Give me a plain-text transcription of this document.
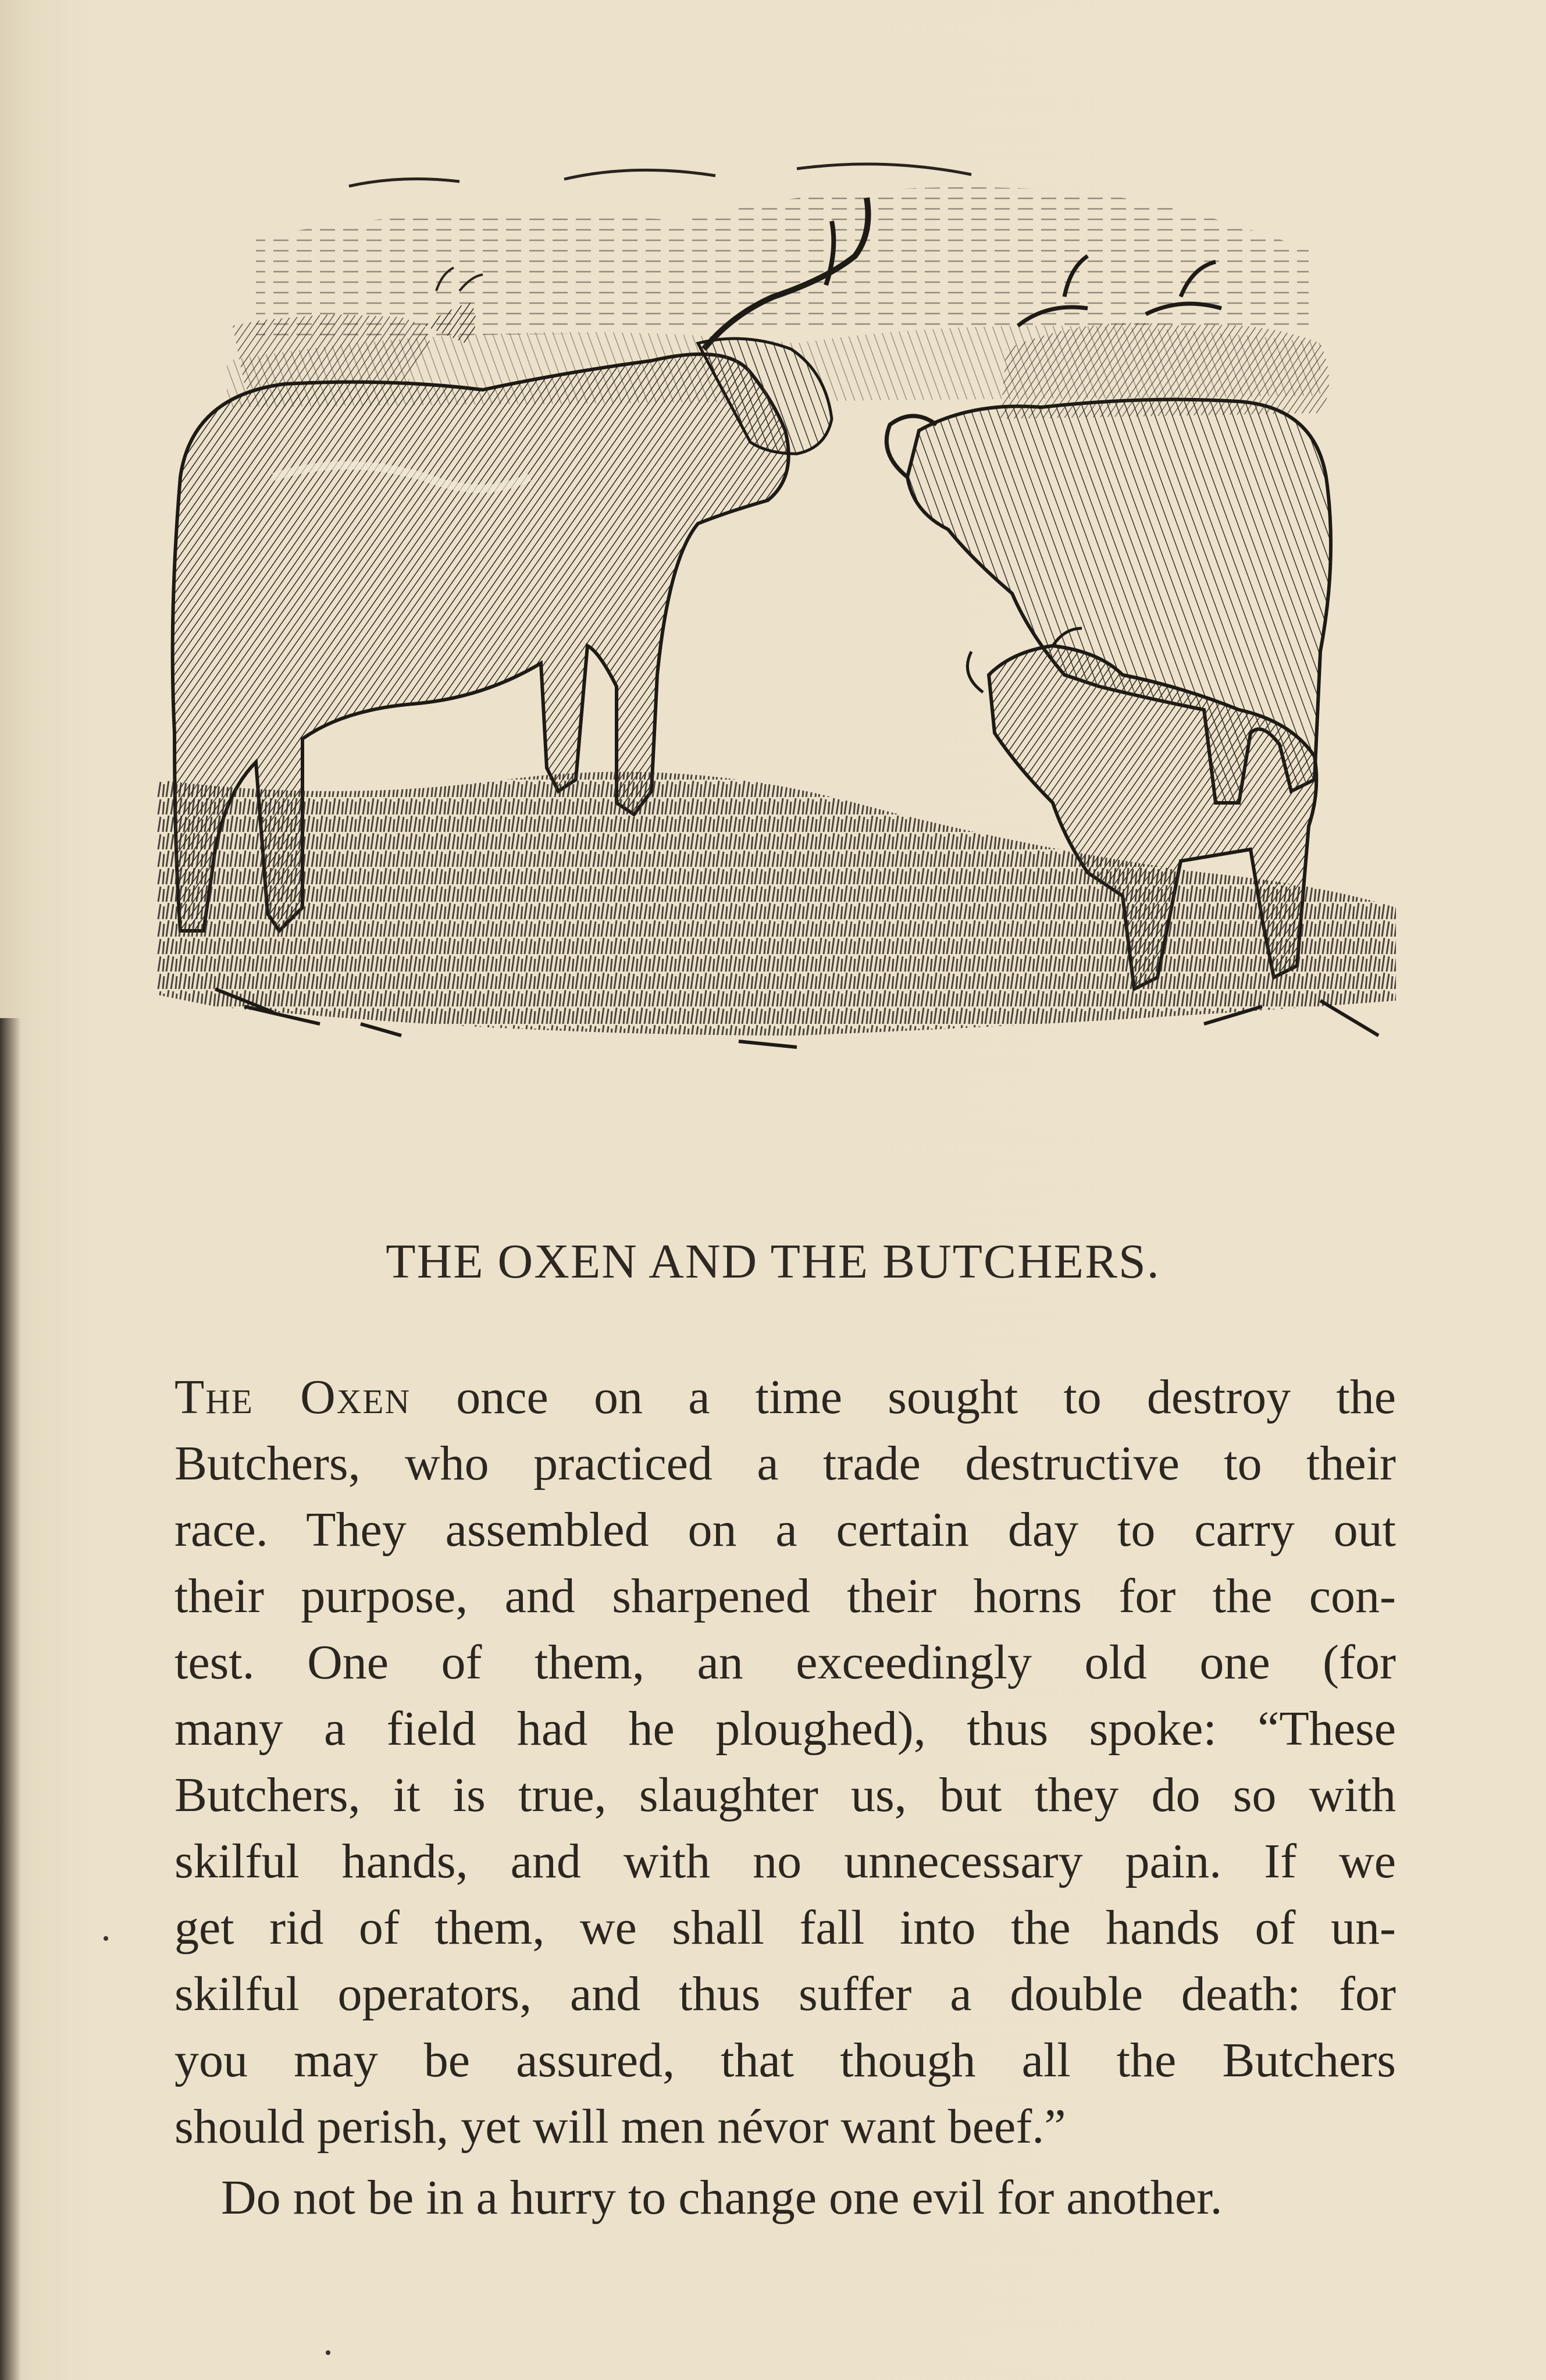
THE OXEN AND THE BUTCHERS.
The Oxen once on a time sought to destroy the
Butchers, who practiced a trade destructive to their
race. They assembled on a certain day to carry out
their purpose, and sharpened their horns for the con-
test. One of them, an exceedingly old one (for
many a field had he ploughed), thus spoke: “These
Butchers, it is true, slaughter us, but they do so with
skilful hands, and with no unnecessary pain. If we
get rid of them, we shall fall into the hands of un-
skilful operators, and thus suffer a double death: for
you may be assured, that though all the Butchers
should perish, yet will men névor want beef.”
Do not be in a hurry to change one evil for another.
